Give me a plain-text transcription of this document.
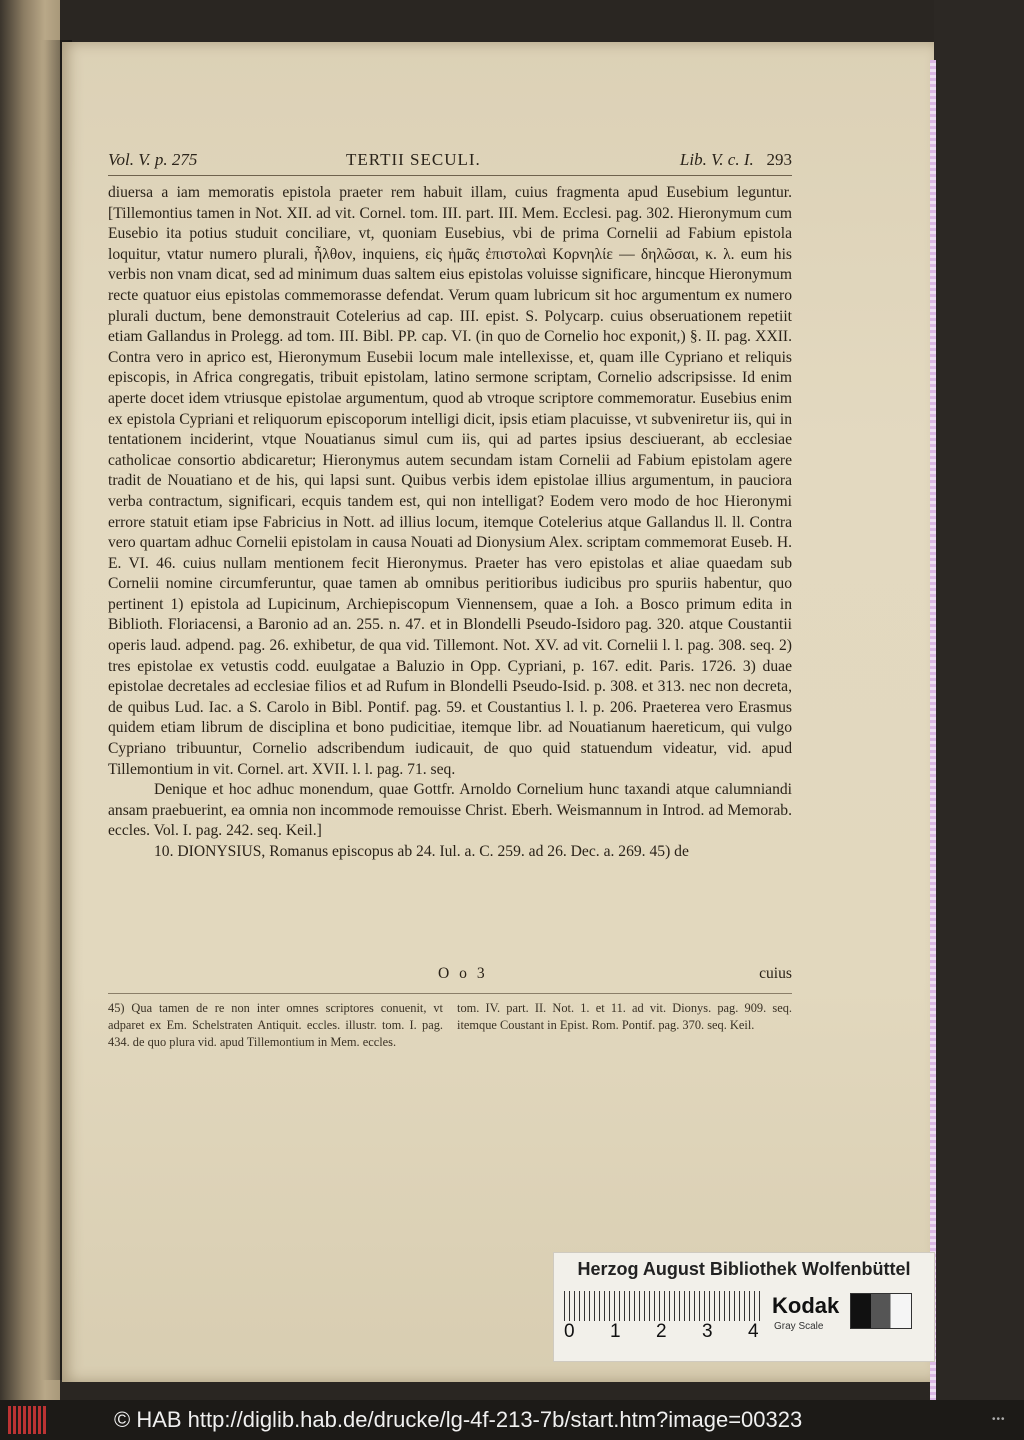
Vol. V. p. 275	TERTII SECULI.	Lib. V. c. I. 293

diuersa a iam memoratis epistola praeter rem habuit illam, cuius fragmenta apud Eusebium leguntur. [Tillemontius tamen in Not. XII. ad vit. Cornel. tom. III. part. III. Mem. Ecclesi. pag. 302. Hieronymum cum Eusebio ita potius studuit conciliare, vt, quoniam Eusebius, vbi de prima Cornelii ad Fabium epistola loquitur, vtatur numero plurali, ἦλθον, inquiens, εἰς ἡμᾶς ἐπιστολαὶ Κορνηλίε — δηλῶσαι, κ. λ. eum his verbis non vnam dicat, sed ad minimum duas saltem eius epistolas voluisse significare, hincque Hieronymum recte quatuor eius epistolas commemorasse defendat. Verum quam lubricum sit hoc argumentum ex numero plurali ductum, bene demonstrauit Cotelerius ad cap. III. epist. S. Polycarp. cuius obseruationem repetiit etiam Gallandus in Prolegg. ad tom. III. Bibl. PP. cap. VI. (in quo de Cornelio hoc exponit,) §. II. pag. XXII. Contra vero in aprico est, Hieronymum Eusebii locum male intellexisse, et, quam ille Cypriano et reliquis episcopis, in Africa congregatis, tribuit epistolam, latino sermone scriptam, Cornelio adscripsisse. Id enim aperte docet idem vtriusque epistolae argumentum, quod ab vtroque scriptore commemoratur. Eusebius enim ex epistola Cypriani et reliquorum episcoporum intelligi dicit, ipsis etiam placuisse, vt subveniretur iis, qui in tentationem inciderint, vtque Nouatianus simul cum iis, qui ad partes ipsius desciuerant, ab ecclesiae catholicae consortio abdicaretur; Hieronymus autem secundam istam Cornelii ad Fabium epistolam agere tradit de Nouatiano et de his, qui lapsi sunt. Quibus verbis idem epistolae illius argumentum, in pauciora verba contractum, significari, ecquis tandem est, qui non intelligat? Eodem vero modo de hoc Hieronymi errore statuit etiam ipse Fabricius in Nott. ad illius locum, itemque Cotelerius atque Gallandus ll. ll. Contra vero quartam adhuc Cornelii epistolam in causa Nouati ad Dionysium Alex. scriptam commemorat Euseb. H. E. VI. 46. cuius nullam mentionem fecit Hieronymus. Praeter has vero epistolas et aliae quaedam sub Cornelii nomine circumferuntur, quae tamen ab omnibus peritioribus iudicibus pro spuriis habentur, quo pertinent 1) epistola ad Lupicinum, Archiepiscopum Viennensem, quae a Ioh. a Bosco primum edita in Biblioth. Floriacensi, a Baronio ad an. 255. n. 47. et in Blondelli Pseudo-Isidoro pag. 320. atque Coustantii operis laud. adpend. pag. 26. exhibetur, de qua vid. Tillemont. Not. XV. ad vit. Cornelii l. l. pag. 308. seq. 2) tres epistolae ex vetustis codd. euulgatae a Baluzio in Opp. Cypriani, p. 167. edit. Paris. 1726. 3) duae epistolae decretales ad ecclesiae filios et ad Rufum in Blondelli Pseudo-Isid. p. 308. et 313. nec non decreta, de quibus Lud. Iac. a S. Carolo in Bibl. Pontif. pag. 59. et Coustantius l. l. p. 206. Praeterea vero Erasmus quidem etiam librum de disciplina et bono pudicitiae, itemque libr. ad Nouatianum haereticum, qui vulgo Cypriano tribuuntur, Cornelio adscribendum iudicauit, de quo quid statuendum videatur, vid. apud Tillemontium in vit. Cornel. art. XVII. l. l. pag. 71. seq.

Denique et hoc adhuc monendum, quae Gottfr. Arnoldo Cornelium hunc taxandi atque calumniandi ansam praebuerint, ea omnia non incommode remouisse Christ. Eberh. Weismannum in Introd. ad Memorab. eccles. Vol. I. pag. 242. seq. Keil.]

10. DIONYSIUS, Romanus episcopus ab 24. Iul. a. C. 259. ad 26. Dec. a. 269. 45) de

O o 3	cuius
45) Qua tamen de re non inter omnes scriptores conuenit, vt adparet ex Em. Schelstraten Antiquit. eccles. illustr. tom. I. pag. 434. de quo plura vid. apud Tillemontium in Mem. eccles.
tom. IV. part. II. Not. 1. et 11. ad vit. Dionys. pag. 909. seq. itemque Coustant in Epist. Rom. Pontif. pag. 370. seq. Keil.
Herzog August Bibliothek Wolfenbüttel
0 1 2 3 4
Kodak
Gray Scale
© HAB http://diglib.hab.de/drucke/lg-4f-213-7b/start.htm?image=00323	•••
